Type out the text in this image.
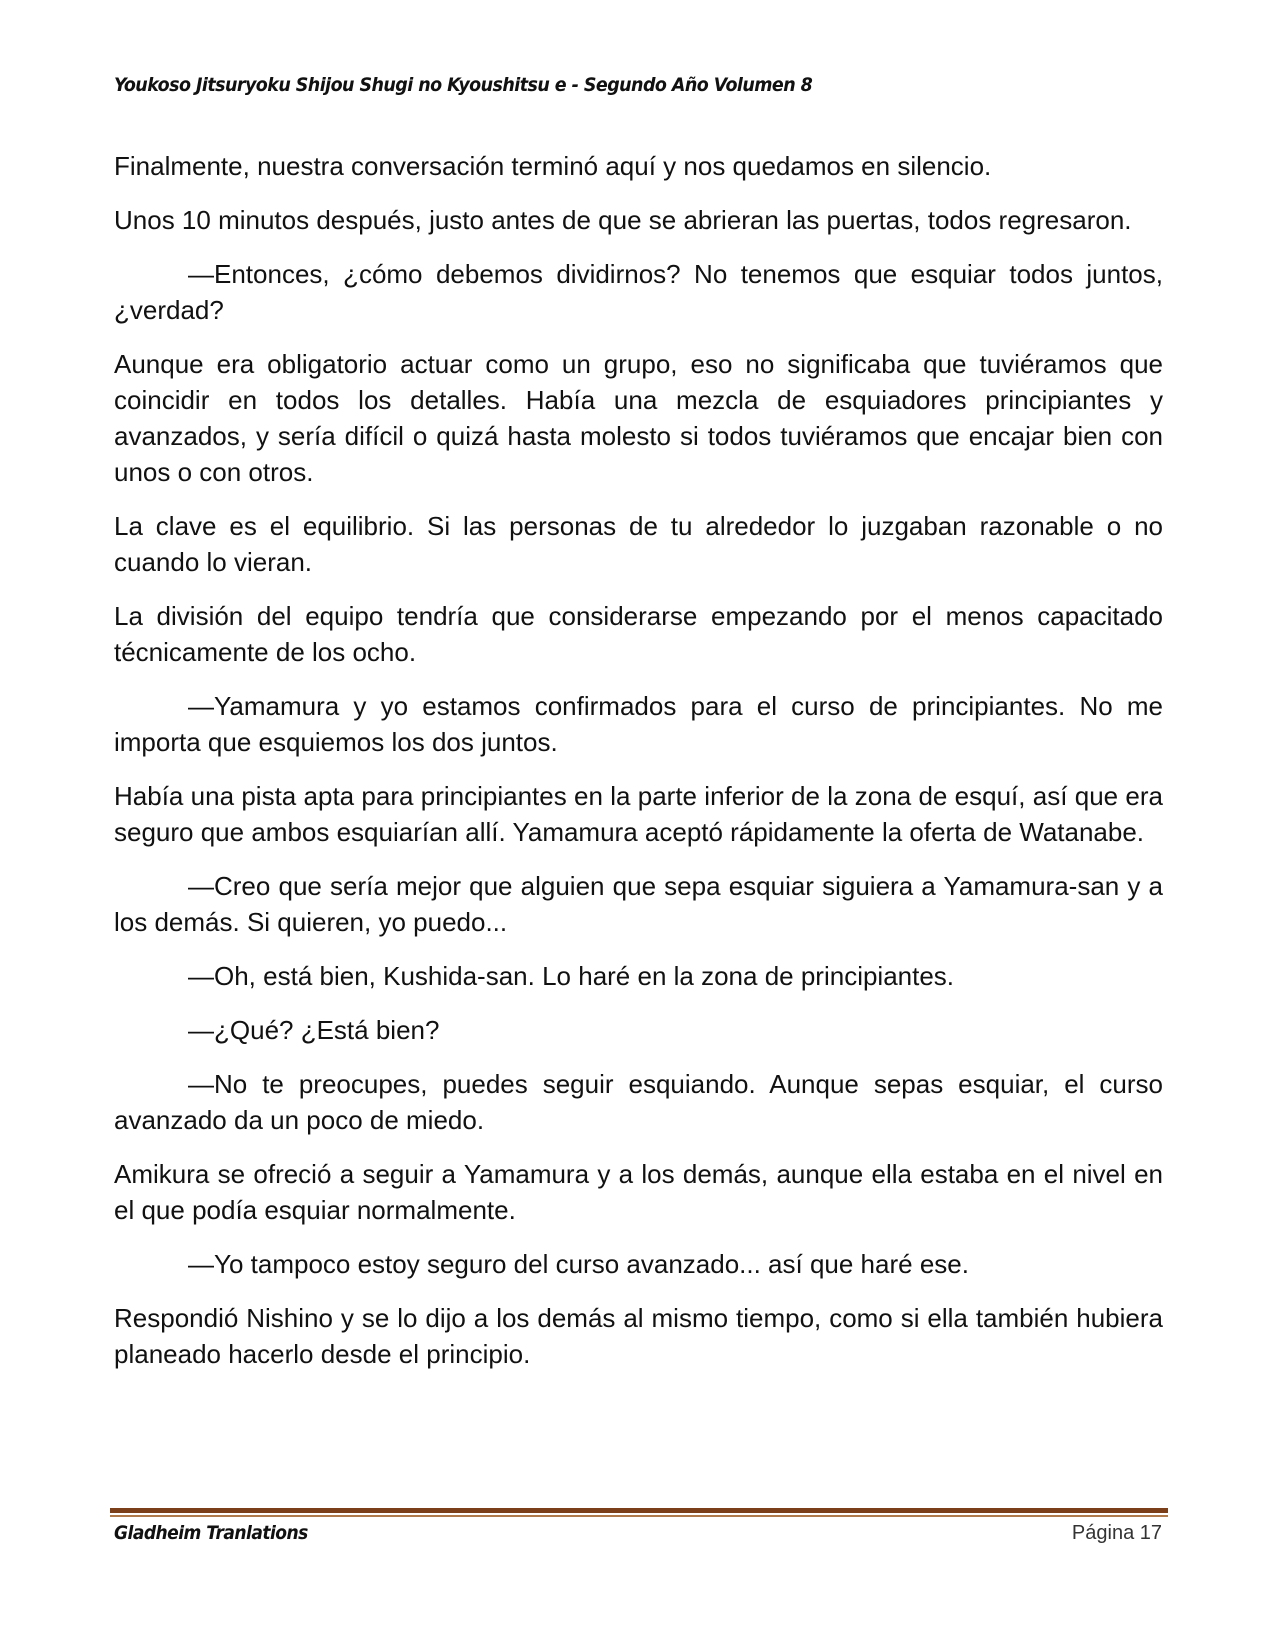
Youkoso Jitsuryoku Shijou Shugi no Kyoushitsu e - Segundo Año Volumen 8

Finalmente, nuestra conversación terminó aquí y nos quedamos en silencio.

Unos 10 minutos después, justo antes de que se abrieran las puertas, todos regresaron.

—Entonces, ¿cómo debemos dividirnos? No tenemos que esquiar todos juntos, ¿verdad?

Aunque era obligatorio actuar como un grupo, eso no significaba que tuviéramos que coincidir en todos los detalles. Había una mezcla de esquiadores principiantes y avanzados, y sería difícil o quizá hasta molesto si todos tuviéramos que encajar bien con unos o con otros.

La clave es el equilibrio. Si las personas de tu alrededor lo juzgaban razonable o no cuando lo vieran.

La división del equipo tendría que considerarse empezando por el menos capacitado técnicamente de los ocho.

—Yamamura y yo estamos confirmados para el curso de principiantes. No me importa que esquiemos los dos juntos.

Había una pista apta para principiantes en la parte inferior de la zona de esquí, así que era seguro que ambos esquiarían allí. Yamamura aceptó rápidamente la oferta de Watanabe.

—Creo que sería mejor que alguien que sepa esquiar siguiera a Yamamura-san y a los demás. Si quieren, yo puedo...

—Oh, está bien, Kushida-san. Lo haré en la zona de principiantes.

—¿Qué? ¿Está bien?

—No te preocupes, puedes seguir esquiando. Aunque sepas esquiar, el curso avanzado da un poco de miedo.

Amikura se ofreció a seguir a Yamamura y a los demás, aunque ella estaba en el nivel en el que podía esquiar normalmente.

—Yo tampoco estoy seguro del curso avanzado... así que haré ese.

Respondió Nishino y se lo dijo a los demás al mismo tiempo, como si ella también hubiera planeado hacerlo desde el principio.

Gladheim Tranlations	Página 17
